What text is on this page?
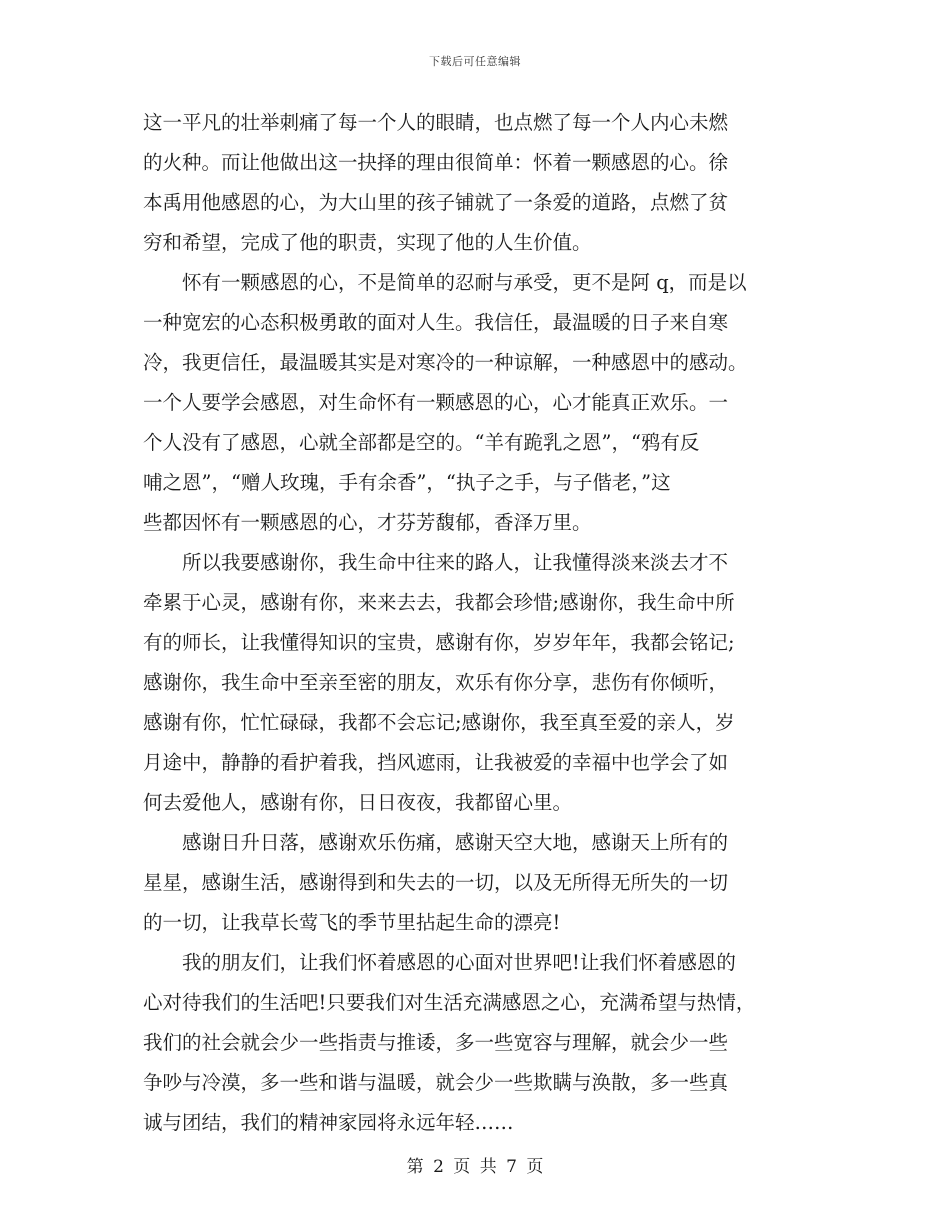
下载后可任意编辑
这一平凡的壮举刺痛了每一个人的眼睛，也点燃了每一个人内心未燃
的火种。而让他做出这一抉择的理由很简单：怀着一颗感恩的心。徐
本禹用他感恩的心，为大山里的孩子铺就了一条爱的道路，点燃了贫
穷和希望，完成了他的职责，实现了他的人生价值。
　　怀有一颗感恩的心，不是简单的忍耐与承受，更不是阿 q，而是以
一种宽宏的心态积极勇敢的面对人生。我信任，最温暖的日子来自寒
冷，我更信任，最温暖其实是对寒冷的一种谅解，一种感恩中的感动。
一个人要学会感恩，对生命怀有一颗感恩的心，心才能真正欢乐。一
个人没有了感恩，心就全部都是空的。“羊有跪乳之恩”，“鸦有反
哺之恩”，“赠人玫瑰，手有余香”，“执子之手，与子偕老，”这
些都因怀有一颗感恩的心，才芬芳馥郁，香泽万里。
　　所以我要感谢你，我生命中往来的路人，让我懂得淡来淡去才不
牵累于心灵，感谢有你，来来去去，我都会珍惜;感谢你，我生命中所
有的师长，让我懂得知识的宝贵，感谢有你，岁岁年年，我都会铭记;
感谢你，我生命中至亲至密的朋友，欢乐有你分享，悲伤有你倾听，
感谢有你，忙忙碌碌，我都不会忘记;感谢你，我至真至爱的亲人，岁
月途中，静静的看护着我，挡风遮雨，让我被爱的幸福中也学会了如
何去爱他人，感谢有你，日日夜夜，我都留心里。
　　感谢日升日落，感谢欢乐伤痛，感谢天空大地，感谢天上所有的
星星，感谢生活，感谢得到和失去的一切，以及无所得无所失的一切
的一切，让我草长莺飞的季节里拈起生命的漂亮!
　　我的朋友们，让我们怀着感恩的心面对世界吧!让我们怀着感恩的
心对待我们的生活吧!只要我们对生活充满感恩之心，充满希望与热情，
我们的社会就会少一些指责与推诿，多一些宽容与理解，就会少一些
争吵与冷漠，多一些和谐与温暖，就会少一些欺瞒与涣散，多一些真
诚与团结，我们的精神家园将永远年轻……
第 2 页 共 7 页
